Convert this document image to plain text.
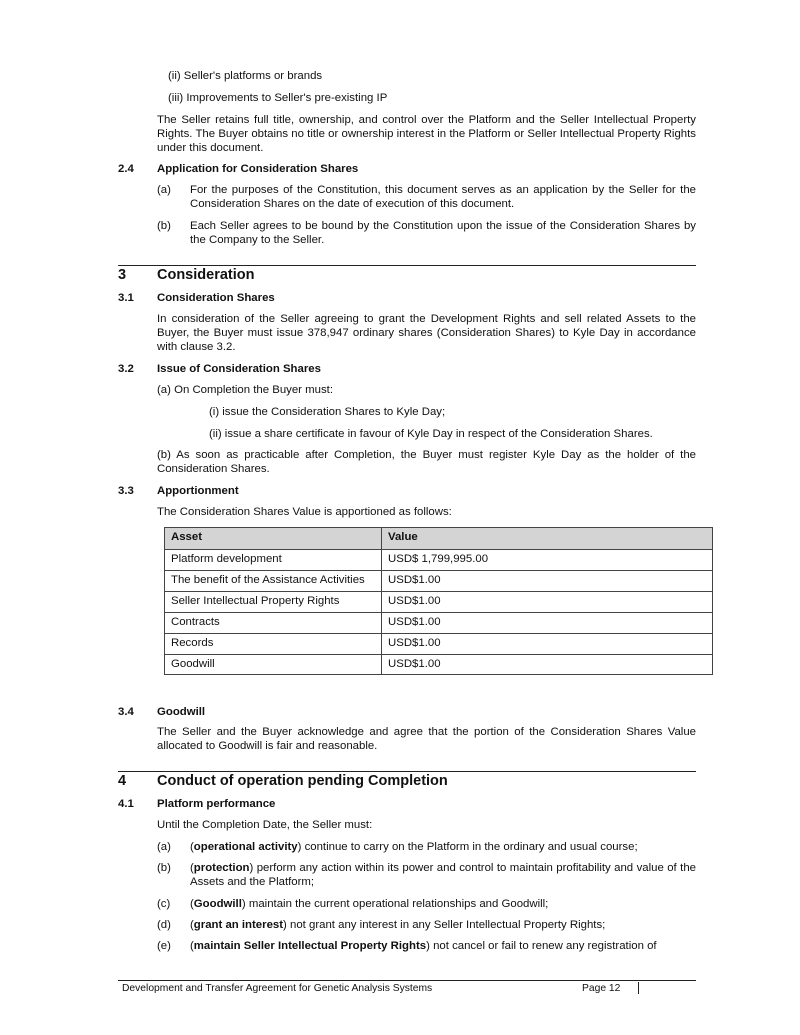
(ii) Seller's platforms or brands
(iii) Improvements to Seller's pre-existing IP
The Seller retains full title, ownership, and control over the Platform and the Seller Intellectual Property Rights. The Buyer obtains no title or ownership interest in the Platform or Seller Intellectual Property Rights under this document.
2.4 Application for Consideration Shares
(a) For the purposes of the Constitution, this document serves as an application by the Seller for the Consideration Shares on the date of execution of this document.
(b) Each Seller agrees to be bound by the Constitution upon the issue of the Consideration Shares by the Company to the Seller.
3 Consideration
3.1 Consideration Shares
In consideration of the Seller agreeing to grant the Development Rights and sell related Assets to the Buyer, the Buyer must issue 378,947 ordinary shares (Consideration Shares) to Kyle Day in accordance with clause 3.2.
3.2 Issue of Consideration Shares
(a) On Completion the Buyer must:
(i) issue the Consideration Shares to Kyle Day;
(ii) issue a share certificate in favour of Kyle Day in respect of the Consideration Shares.
(b) As soon as practicable after Completion, the Buyer must register Kyle Day as the holder of the Consideration Shares.
3.3 Apportionment
The Consideration Shares Value is apportioned as follows:
Asset	Value
Platform development	USD$ 1,799,995.00
The benefit of the Assistance Activities	USD$1.00
Seller Intellectual Property Rights	USD$1.00
Contracts	USD$1.00
Records	USD$1.00
Goodwill	USD$1.00
3.4 Goodwill
The Seller and the Buyer acknowledge and agree that the portion of the Consideration Shares Value allocated to Goodwill is fair and reasonable.
4 Conduct of operation pending Completion
4.1 Platform performance
Until the Completion Date, the Seller must:
(a) (operational activity) continue to carry on the Platform in the ordinary and usual course;
(b) (protection) perform any action within its power and control to maintain profitability and value of the Assets and the Platform;
(c) (Goodwill) maintain the current operational relationships and Goodwill;
(d) (grant an interest) not grant any interest in any Seller Intellectual Property Rights;
(e) (maintain Seller Intellectual Property Rights) not cancel or fail to renew any registration of
Development and Transfer Agreement for Genetic Analysis Systems	Page 12
